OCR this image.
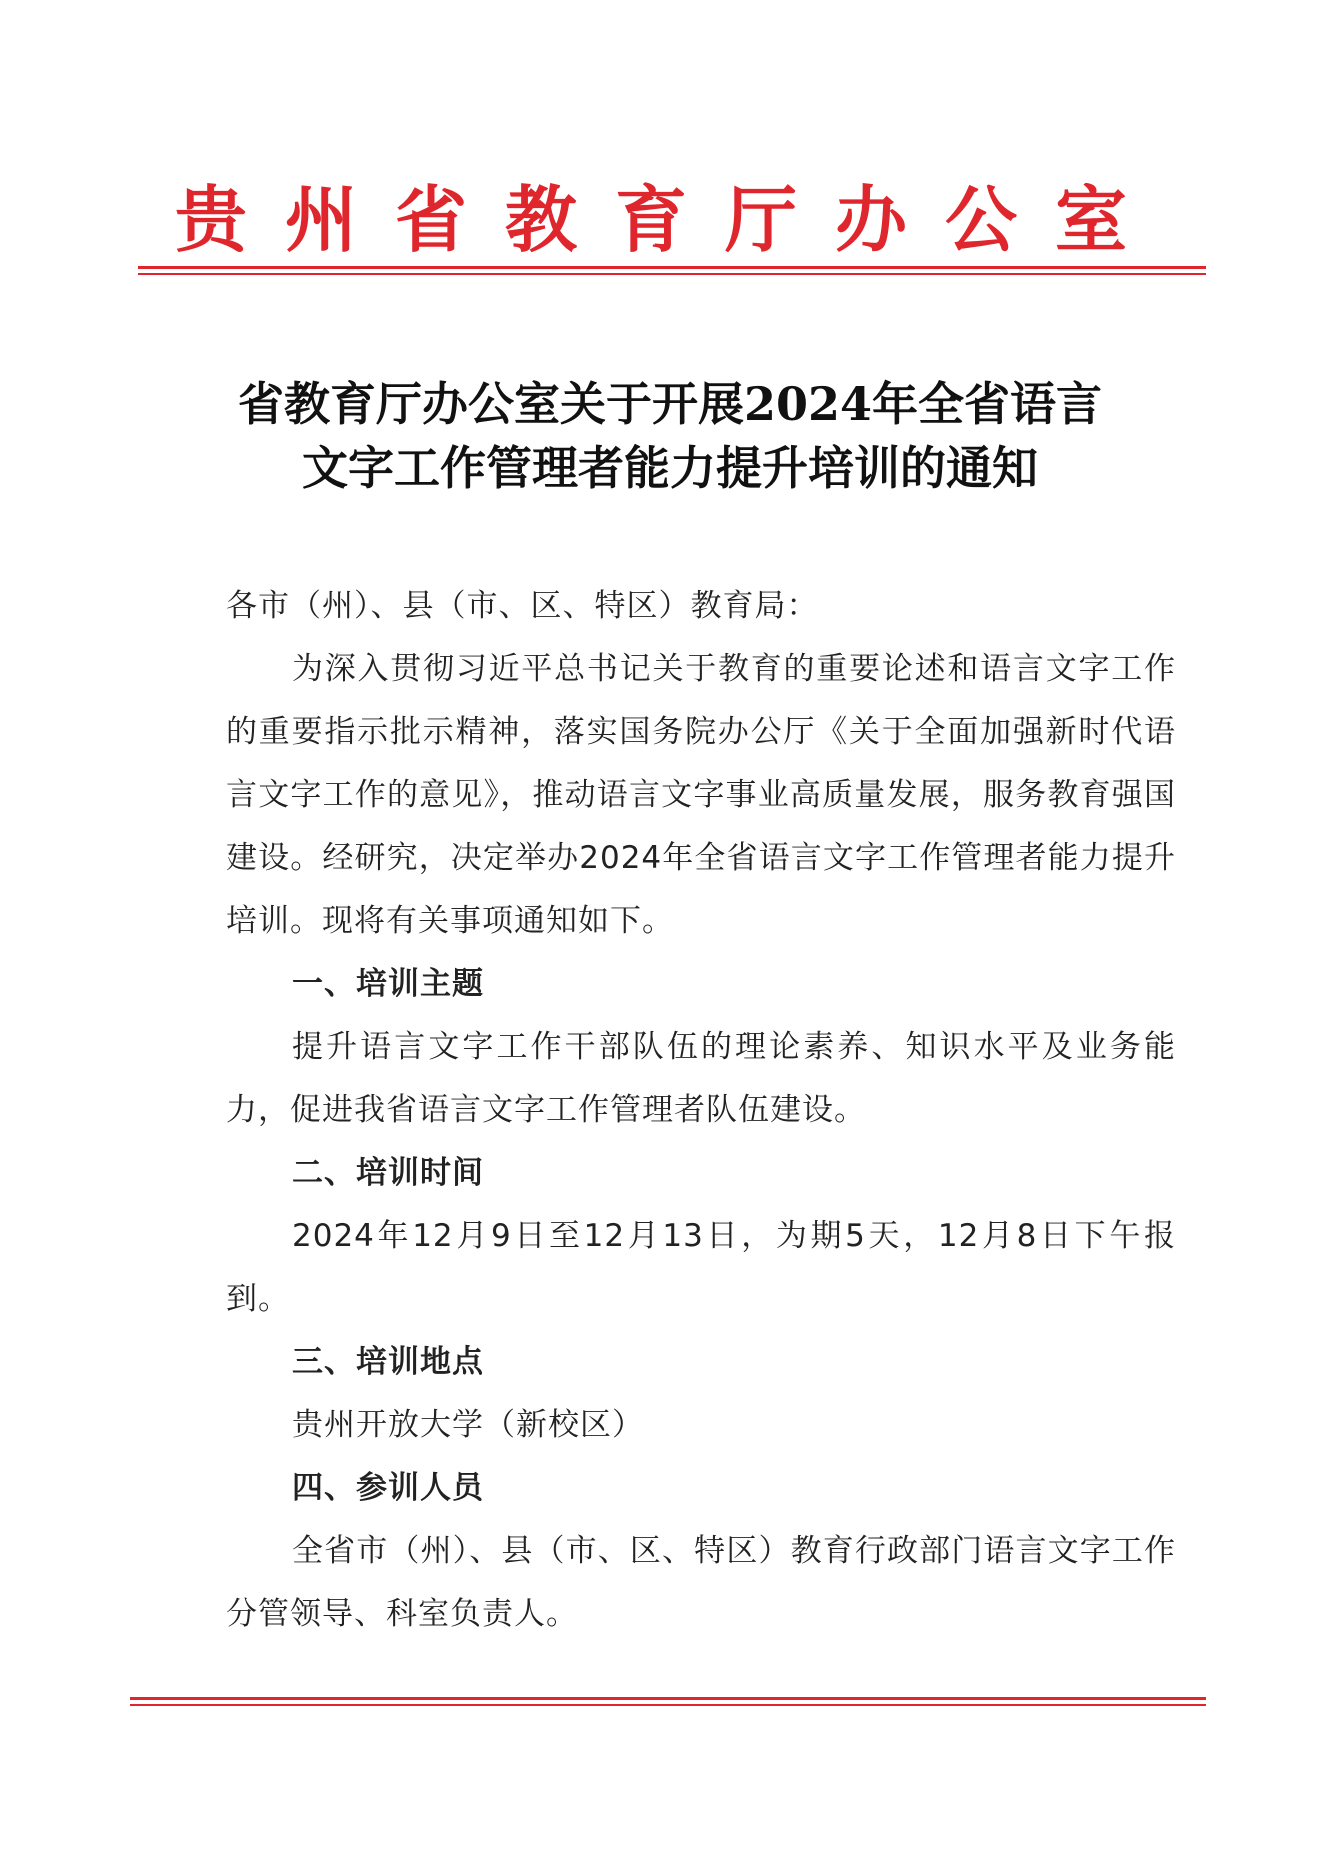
贵州省教育厅办公室
省教育厅办公室关于开展2024年全省语言
文字工作管理者能力提升培训的通知

各市（州）、县（市、区、特区）教育局：

为深入贯彻习近平总书记关于教育的重要论述和语言文字工作的重要指示批示精神，落实国务院办公厅《关于全面加强新时代语言文字工作的意见》，推动语言文字事业高质量发展，服务教育强国建设。经研究，决定举办2024年全省语言文字工作管理者能力提升培训。现将有关事项通知如下。

一、培训主题

提升语言文字工作干部队伍的理论素养、知识水平及业务能力，促进我省语言文字工作管理者队伍建设。

二、培训时间

2024年12月9日至12月13日，为期5天，12月8日下午报到。

三、培训地点

贵州开放大学（新校区）

四、参训人员

全省市（州）、县（市、区、特区）教育行政部门语言文字工作分管领导、科室负责人。
